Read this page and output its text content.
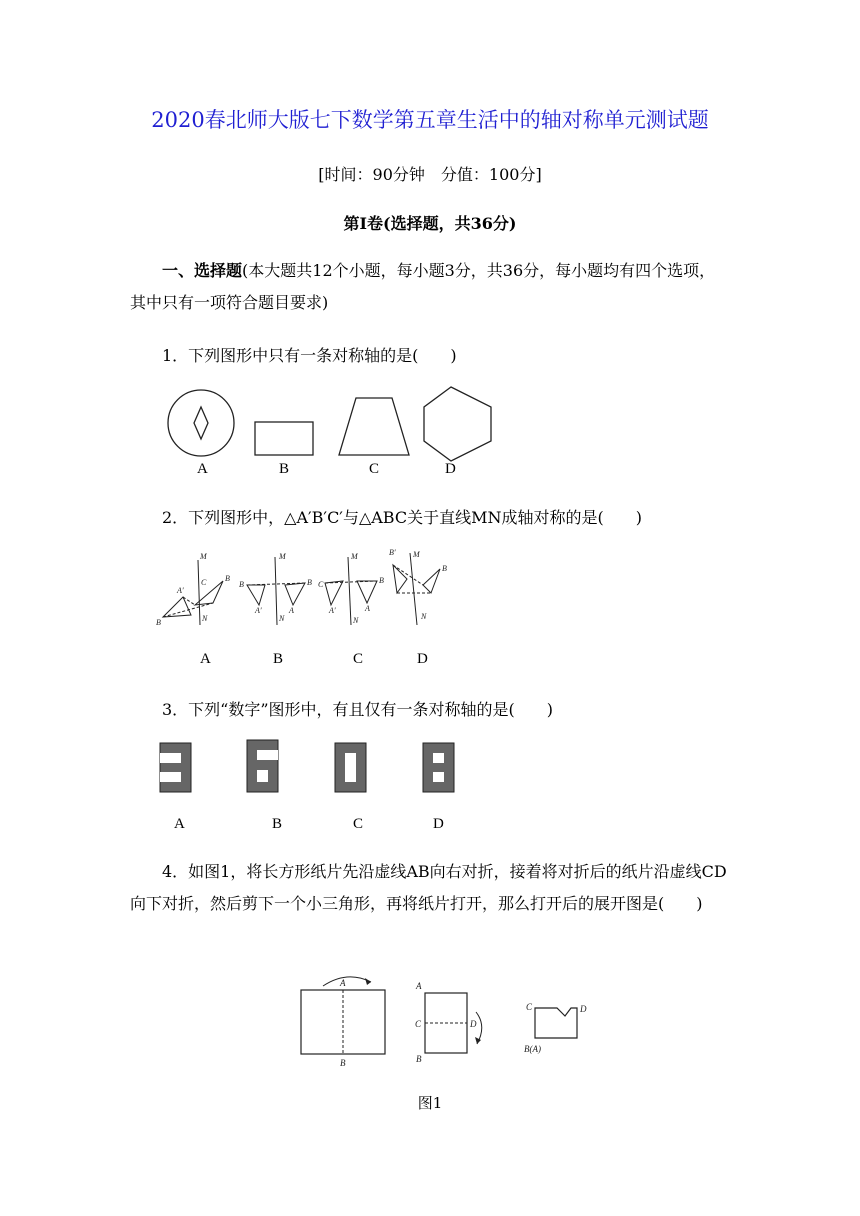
2020春北师大版七下数学第五章生活中的轴对称单元测试题
[时间：90分钟　分值：100分]
第Ⅰ卷(选择题，共36分)
一、选择题(本大题共12个小题，每小题3分，共36分，每小题均有四个选项，其中只有一项符合题目要求)
1．下列图形中只有一条对称轴的是(　　)
A	B	C	D
2．下列图形中，△A′B′C′与△ABC关于直线MN成轴对称的是(　　)
M
N
A′
B
B
C
M
N
B	B
A′	A
M
N
C	B
A′	A
B′ M
B
N
A	B	C	D
3．下列“数字”图形中，有且仅有一条对称轴的是(　　)
A	B	C	D
4．如图1，将长方形纸片先沿虚线AB向右对折，接着将对折后的纸片沿虚线CD向下对折，然后剪下一个小三角形，再将纸片打开，那么打开后的展开图是(　　)
A
B
A
C	D
B
C	D
B(A)
图1
